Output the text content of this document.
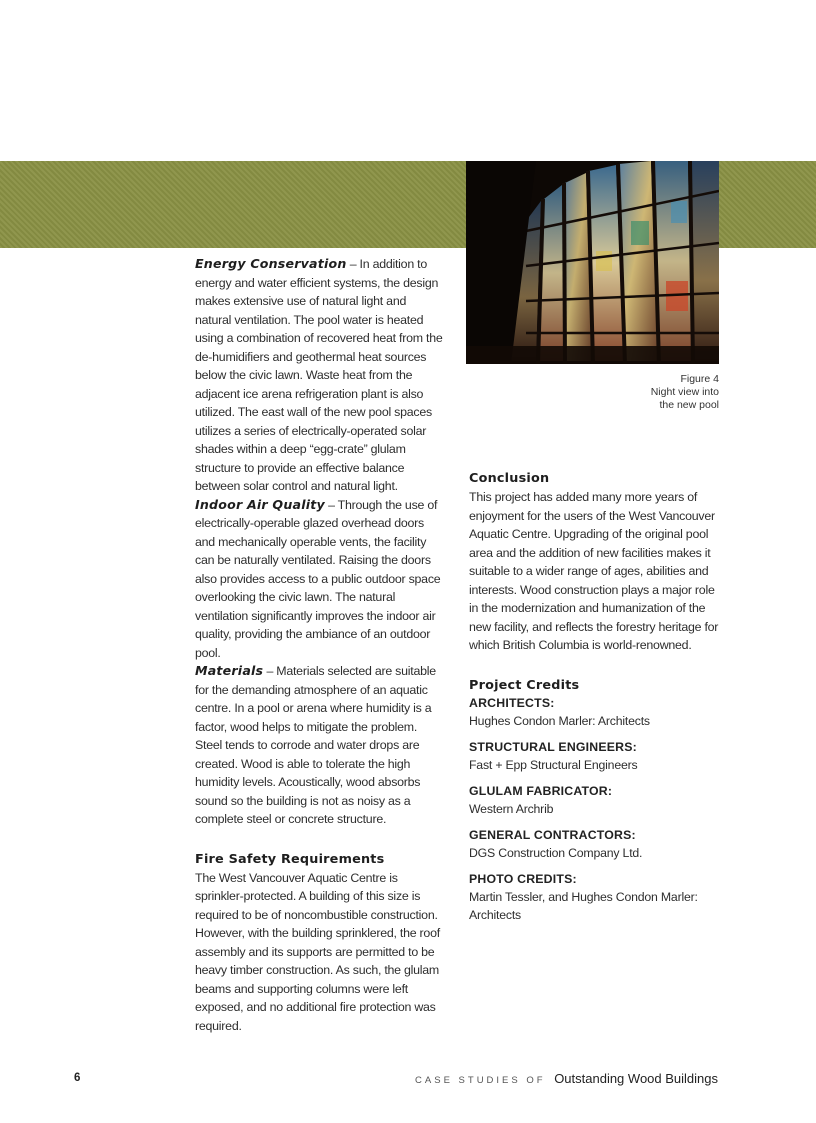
Figure 4
Night view into
the new pool

Energy Conservation – In addition to energy and water efficient systems, the design makes extensive use of natural light and natural ventilation. The pool water is heated using a combination of recovered heat from the de-humidifiers and geothermal heat sources below the civic lawn. Waste heat from the adjacent ice arena refrigeration plant is also utilized. The east wall of the new pool spaces utilizes a series of electrically-operated solar shades within a deep “egg-crate” glulam structure to provide an effective balance between solar control and natural light.

Indoor Air Quality – Through the use of electrically-operable glazed overhead doors and mechanically operable vents, the facility can be naturally ventilated. Raising the doors also provides access to a public outdoor space overlooking the civic lawn. The natural ventilation significantly improves the indoor air quality, providing the ambiance of an outdoor pool.

Materials – Materials selected are suitable for the demanding atmosphere of an aquatic centre. In a pool or arena where humidity is a factor, wood helps to mitigate the problem. Steel tends to corrode and water drops are created. Wood is able to tolerate the high humidity levels. Acoustically, wood absorbs sound so the building is not as noisy as a complete steel or concrete structure.

Fire Safety Requirements

The West Vancouver Aquatic Centre is sprinkler-protected. A building of this size is required to be of noncombustible construction. However, with the building sprinklered, the roof assembly and its supports are permitted to be heavy timber construction. As such, the glulam beams and supporting columns were left exposed, and no additional fire protection was required.

Conclusion

This project has added many more years of enjoyment for the users of the West Vancouver Aquatic Centre. Upgrading of the original pool area and the addition of new facilities makes it suitable to a wider range of ages, abilities and interests. Wood construction plays a major role in the modernization and humanization of the new facility, and reflects the forestry heritage for which British Columbia is world-renowned.

Project Credits
ARCHITECTS:
Hughes Condon Marler: Architects
STRUCTURAL ENGINEERS:
Fast + Epp Structural Engineers
GLULAM FABRICATOR:
Western Archrib
GENERAL CONTRACTORS:
DGS Construction Company Ltd.
PHOTO CREDITS:
Martin Tessler, and Hughes Condon Marler: Architects
6	CASE STUDIES OF Outstanding Wood Buildings
